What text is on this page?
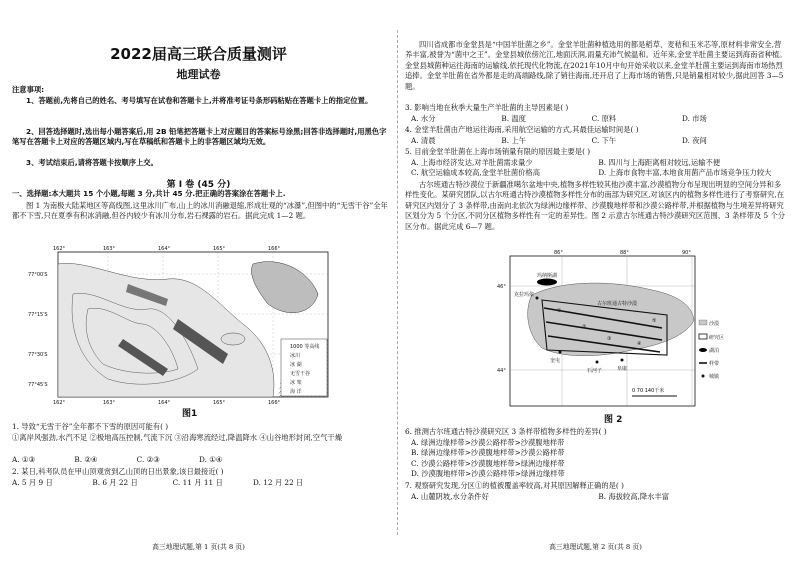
2022届高三联合质量测评
地理试卷
注意事项:
1、答题前,先将自己的姓名、考号填写在试卷和答题卡上,并将准考证号条形码粘贴在答题卡上的指定位置。
2、回答选择题时,选出每小题答案后,用 2B 铅笔把答题卡上对应题目的答案标号涂黑;回答非选择题时,用黑色字笔写在答题卡上对应的答题区域内,写在草稿纸和答题卡上的非答题区域均无效。
3、考试结束后,请将答题卡按顺序上交。
第 Ⅰ 卷 (45 分)
一、选择题:本大题共 15 个小题,每题 3 分,共计 45 分.把正确的答案涂在答题卡上.
图 1 为南极大陆某地区等高线图,这里冰川广布,山上的冰川消融退缩,形成壮观的“冰瀑”,但图中的“无雪干谷”全年都不下雪,只在夏季有积冰消融,但谷内较少有冰川分布,岩石裸露的岩石。据此完成 1—2 题。
1000 等高线
冰川
冰 湖
无雪干谷
冰 架
海 洋
162°	163°	164°	165°	166°
77°00′S
77°15′S
77°30′S
77°45′S
162°	163°	164°	165°	166°
图1
1. 导致“无雪干谷”全年都不下雪的原因可能有( )
①离岸风强劲,水汽不足 ②极地高压控制,气流下沉 ③沿海寒流经过,降温降水 ④山谷地形封闭,空气干燥
A. ①③	B. ②④	C. ②③	D. ①④
2. 某日,科考队员在甲山顶观赏到乙山顶的日出景象,该日最接近( )
A. 5 月 9 日	B. 6 月 22 日	C. 11 月 11 日	D. 12 月 22 日
高三地理试题,第 1 页(共 8 页)
四川省成都市金堂县是“中国羊肚菌之乡”。金堂羊肚菌种植选用的都是稻草、麦秸和玉米芯等,原材料非常安全,营养丰富,被誉为“菌中之王”。金堂县城依傍沱江,地面沃润,雨量充沛气候温和。近年来,金堂羊肚菌主要运到海南省种植。金堂县城菌种运往海南的运输线,依托现代化物流,在2021年10月中旬开始采收以来,金堂羊肚菌主要运到海南市场热烈追捧。金堂羊肚菌在省外都是走的高端路线,除了销往海南,还开启了上海市场的销售,只是销量相对较少,据此回答 3—5 题。
3. 影响当地在秋季大量生产羊肚菌的主导因素是( )
A. 水分	B. 温度	C. 原料	D. 市场
4. 金堂羊肚菌由产地运往海南,采用航空运输的方式,其最佳运输时间是( )
A. 清晨	B. 上午	C. 下午	D. 夜间
5. 目前金堂羊肚菌在上海市场销量有限的原因最主要是( )
A. 上海市经济发达,对羊肚菌需求量少	B. 四川与上海距离相对较远,运输不便 C. 航空运输成本较高,金堂羊肚菌价格高	D. 上海市食物丰富,本地食用菌产品市场竞争压力较大
古尔班通古特沙漠位于新疆准噶尔盆地中央,植物多样性较其他沙漠丰富,沙漠植物分布呈现出明显的空间分异和多样性变化。某研究团队,以古尔班通古特沙漠植物多样性分布的南部为研究区,对该区内的植物多样性进行了考察研究,在研究区内划分了 3 条样带,由南向北依次为绿洲边缘样带、沙漠腹地样带和沙漠公路样带,并根据植物与生境差异将研究区划分为 5 个分区,不同分区植物多样性有一定的差异性。图 2 示意古尔班通古特沙漠研究区范围、3 条样带及 5 个分区分布。据此完成 6—7 题。
86°	88°	90°
46°
44°
玛纳斯湖
克拉玛依
古尔班通古特沙漠
奎屯
石河子	阜康
①
②
③
④
⑤
0 70 140千米
沙漠
研究区
湖泊
样带
城镇
图 2
6. 推测古尔班通古特沙漠研究区 3 条样带植物多样性的差异( )
A. 绿洲边缘样带>沙漠公路样带>沙漠腹地样带
B. 绿洲边缘样带>沙漠腹地样带>沙漠公路样带
C. 沙漠公路样带>沙漠腹地样带>绿洲边缘样带
D. 沙漠腹地样带>沙漠公路样带>绿洲边缘样带
7. 观察研究发现,分区①的植被覆盖率较高,对其原因解释正确的是( )
A. 山麓阴坡,水分条件好	B. 海拔较高,降水丰富
高三地理试题,第 2 页(共 8 页)
